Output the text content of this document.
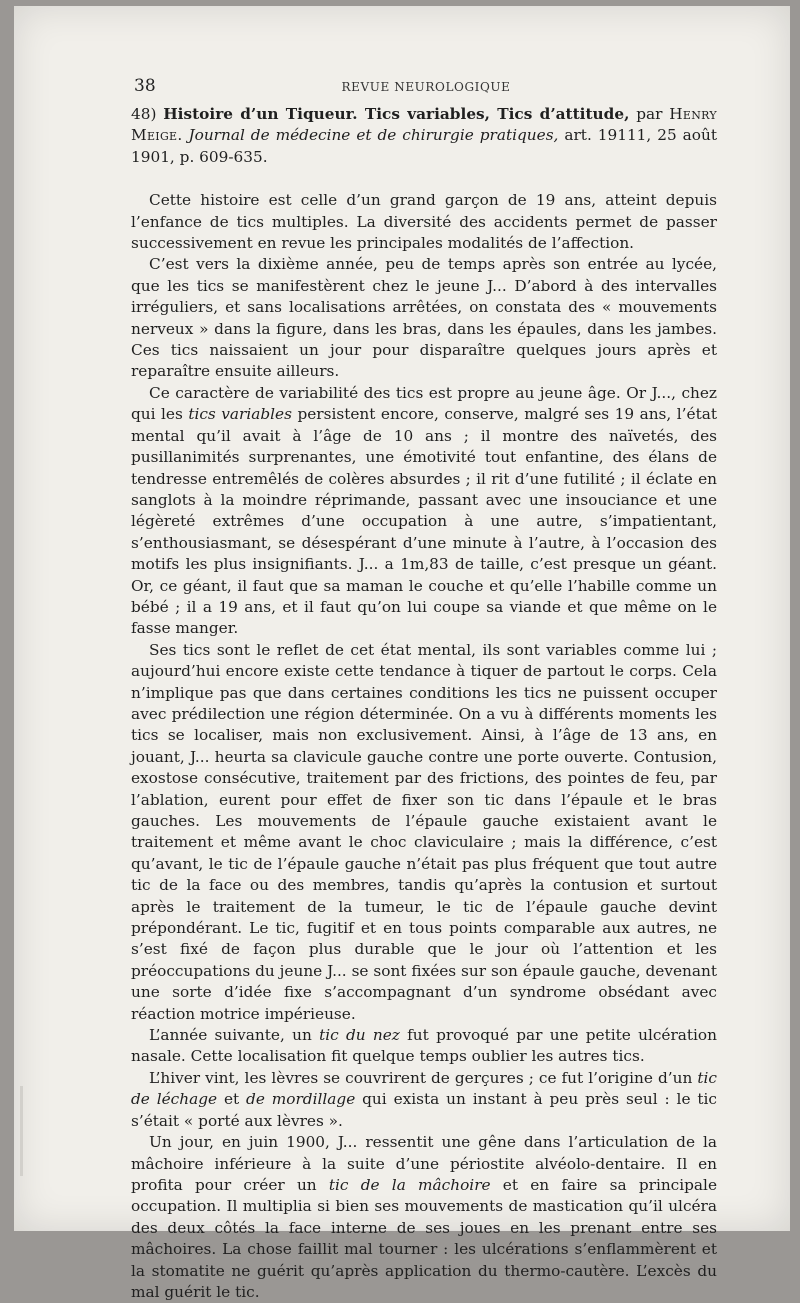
38	REVUE NEUROLOGIQUE

48) Histoire d’un Tiqueur. Tics variables, Tics d’attitude, par Henry Meige. Journal de médecine et de chirurgie pratiques, art. 19111, 25 août 1901, p. 609-635.

Cette histoire est celle d’un grand garçon de 19 ans, atteint depuis l’enfance de tics multiples. La diversité des accidents permet de passer successivement en revue les principales modalités de l’affection.

C’est vers la dixième année, peu de temps après son entrée au lycée, que les tics se manifestèrent chez le jeune J... D’abord à des intervalles irréguliers, et sans localisations arrêtées, on constata des « mouvements nerveux » dans la figure, dans les bras, dans les épaules, dans les jambes. Ces tics naissaient un jour pour disparaître quelques jours après et reparaître ensuite ailleurs.

Ce caractère de variabilité des tics est propre au jeune âge. Or J..., chez qui les tics variables persistent encore, conserve, malgré ses 19 ans, l’état mental qu’il avait à l’âge de 10 ans ; il montre des naïvetés, des pusillanimités surprenantes, une émotivité tout enfantine, des élans de tendresse entremêlés de colères absurdes ; il rit d’une futilité ; il éclate en sanglots à la moindre réprimande, passant avec une insouciance et une légèreté extrêmes d’une occupation à une autre, s’impatientant, s’enthousiasmant, se désespérant d’une minute à l’autre, à l’occasion des motifs les plus insignifiants. J... a 1m,83 de taille, c’est presque un géant. Or, ce géant, il faut que sa maman le couche et qu’elle l’habille comme un bébé ; il a 19 ans, et il faut qu’on lui coupe sa viande et que même on le fasse manger.

Ses tics sont le reflet de cet état mental, ils sont variables comme lui ; aujourd’hui encore existe cette tendance à tiquer de partout le corps. Cela n’implique pas que dans certaines conditions les tics ne puissent occuper avec prédilection une région déterminée. On a vu à différents moments les tics se localiser, mais non exclusivement. Ainsi, à l’âge de 13 ans, en jouant, J... heurta sa clavicule gauche contre une porte ouverte. Contusion, exostose consécutive, traitement par des frictions, des pointes de feu, par l’ablation, eurent pour effet de fixer son tic dans l’épaule et le bras gauches. Les mouvements de l’épaule gauche existaient avant le traitement et même avant le choc claviculaire ; mais la différence, c’est qu’avant, le tic de l’épaule gauche n’était pas plus fréquent que tout autre tic de la face ou des membres, tandis qu’après la contusion et surtout après le traitement de la tumeur, le tic de l’épaule gauche devint prépondérant. Le tic, fugitif et en tous points comparable aux autres, ne s’est fixé de façon plus durable que le jour où l’attention et les préoccupations du jeune J... se sont fixées sur son épaule gauche, devenant une sorte d’idée fixe s’accompagnant d’un syndrome obsédant avec réaction motrice impérieuse.

L’année suivante, un tic du nez fut provoqué par une petite ulcération nasale. Cette localisation fit quelque temps oublier les autres tics.

L’hiver vint, les lèvres se couvrirent de gerçures ; ce fut l’origine d’un tic de léchage et de mordillage qui exista un instant à peu près seul : le tic s’était « porté aux lèvres ».

Un jour, en juin 1900, J... ressentit une gêne dans l’articulation de la mâchoire inférieure à la suite d’une périostite alvéolo-dentaire. Il en profita pour créer un tic de la mâchoire et en faire sa principale occupation. Il multiplia si bien ses mouvements de mastication qu’il ulcéra des deux côtés la face interne de ses joues en les prenant entre ses mâchoires. La chose faillit mal tourner : les ulcérations s’enflammèrent et la stomatite ne guérit qu’après application du thermo-cautère. L’excès du mal guérit le tic.
